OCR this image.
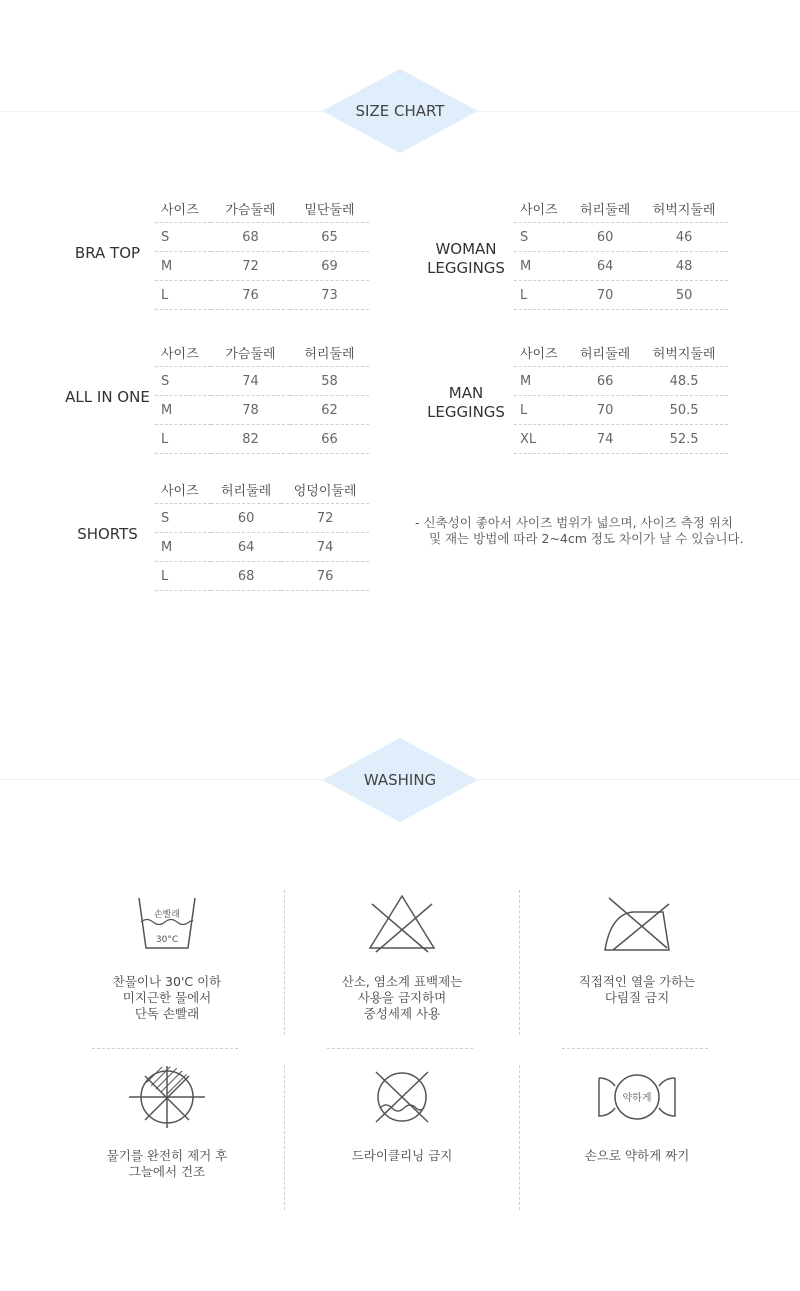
SIZE CHART
BRA TOP
사이즈	가슴둘레	밑단둘레
S	68	65
M	72	69
L	76	73
WOMAN
LEGGINGS
사이즈	허리둘레	허벅지둘레
S	60	46
M	64	48
L	70	50
ALL IN ONE
사이즈	가슴둘레	허리둘레
S	74	58
M	78	62
L	82	66
MAN
LEGGINGS
사이즈	허리둘레	허벅지둘레
M	66	48.5
L	70	50.5
XL	74	52.5
SHORTS
사이즈	허리둘레	엉덩이둘레
S	60	72
M	64	74
L	68	76
- 신축성이 좋아서 사이즈 범위가 넓으며, 사이즈 측정 위치
및 재는 방법에 따라 2~4cm 정도 차이가 날 수 있습니다.
WASHING
손빨래
30°C
찬물이나 30'C 이하
미지근한 물에서
단독 손빨래
산소, 염소계 표백제는
사용을 금지하며
중성세제 사용
직접적인 열을 가하는
다림질 금지
물기를 완전히 제거 후
그늘에서 건조
드라이클리닝 금지
약하게
손으로 약하게 짜기
